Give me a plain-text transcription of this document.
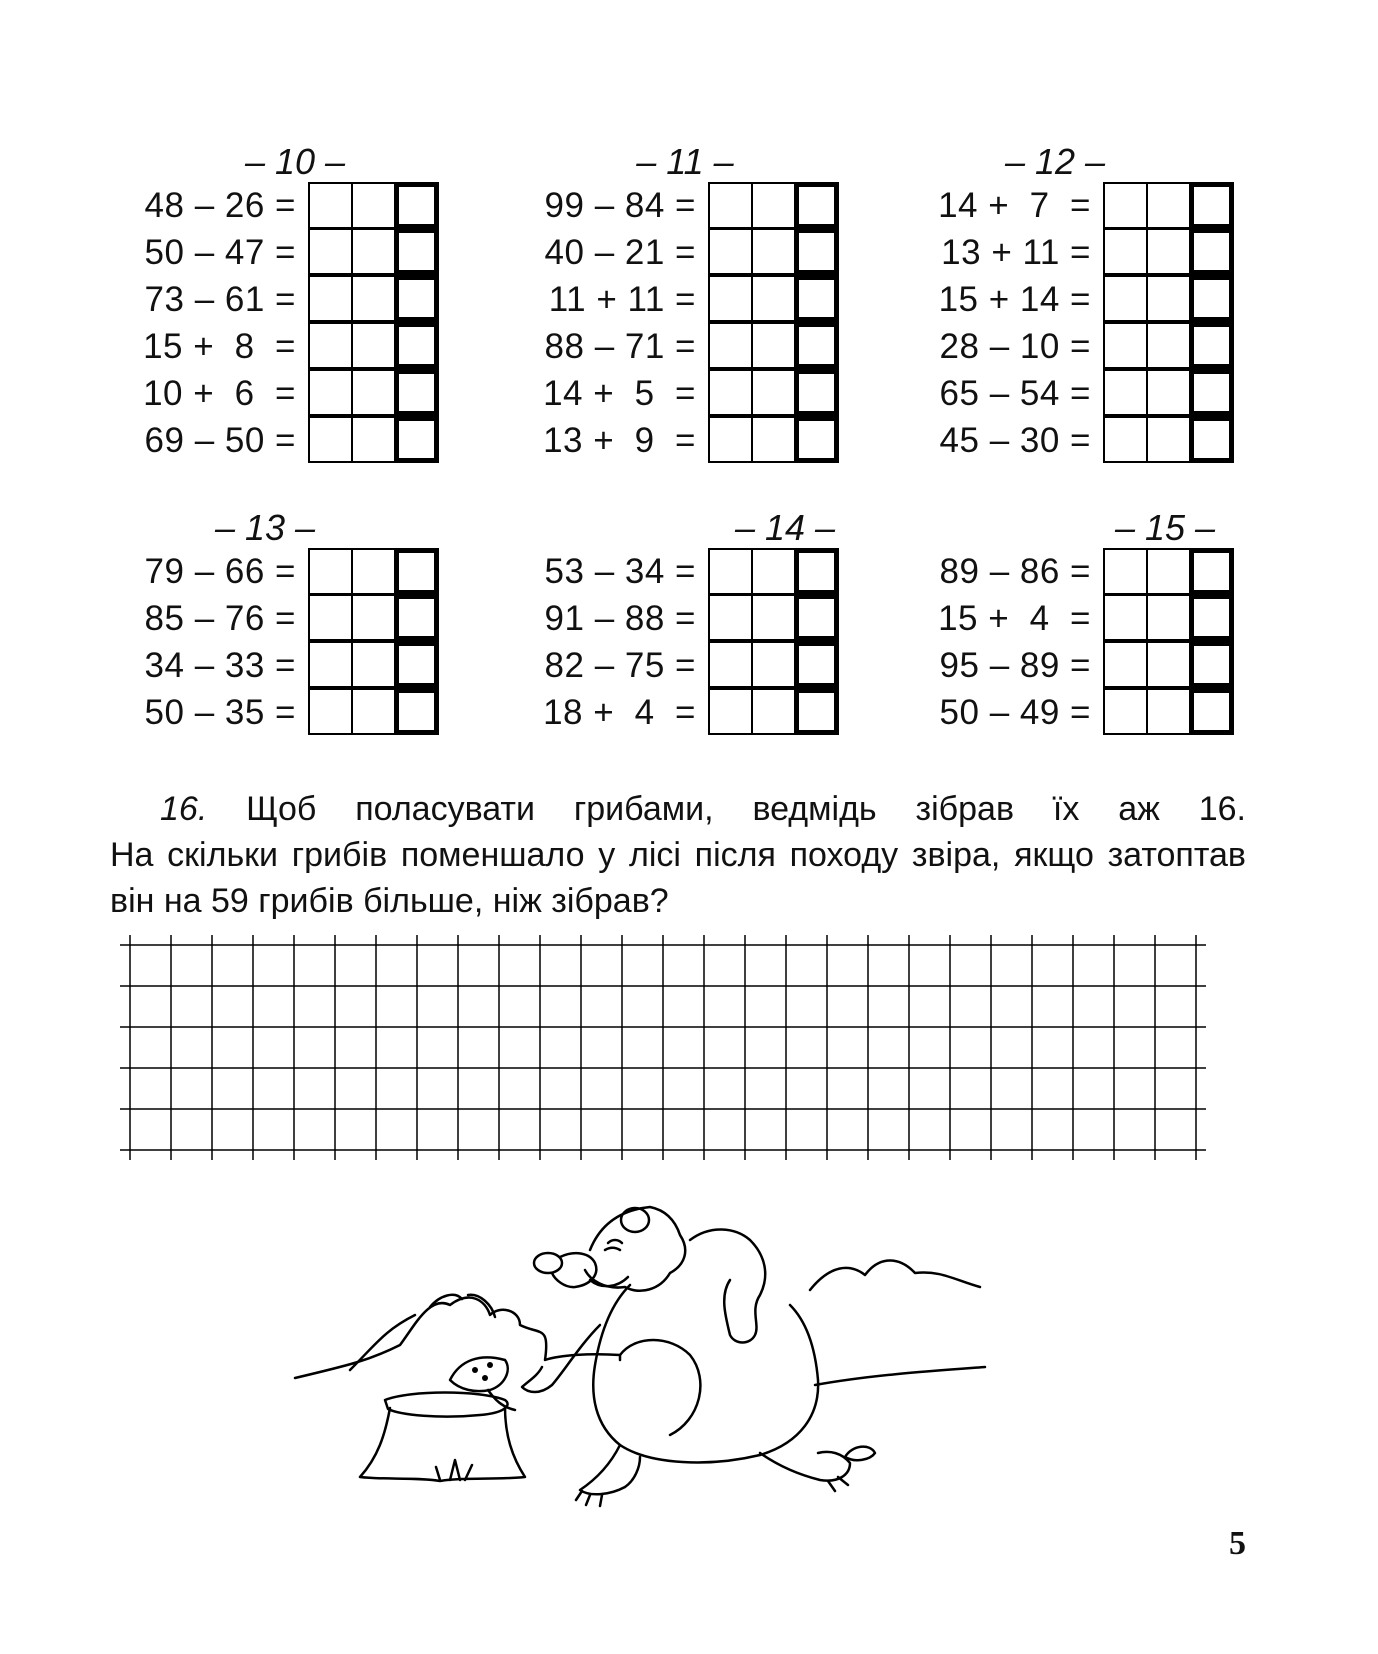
– 10 –
48 – 26 =
50 – 47 =
73 – 61 =
15 +  8  =
10 +  6  =
69 – 50 =
– 11 –
99 – 84 =
40 – 21 =
11 + 11 =
88 – 71 =
14 +  5  =
13 +  9  =
– 12 –
14 +  7  =
13 + 11 =
15 + 14 =
28 – 10 =
65 – 54 =
45 – 30 =
– 13 –
79 – 66 =
85 – 76 =
34 – 33 =
50 – 35 =
– 14 –
53 – 34 =
91 – 88 =
82 – 75 =
18 +  4  =
– 15 –
89 – 86 =
15 +  4  =
95 – 89 =
50 – 49 =
16. Щоб поласувати грибами, ведмідь зібрав їх аж 16.
На скільки грибів поменшало у лісі після походу звіра, якщо затоптав він на 59 грибів більше, ніж зібрав?
5
